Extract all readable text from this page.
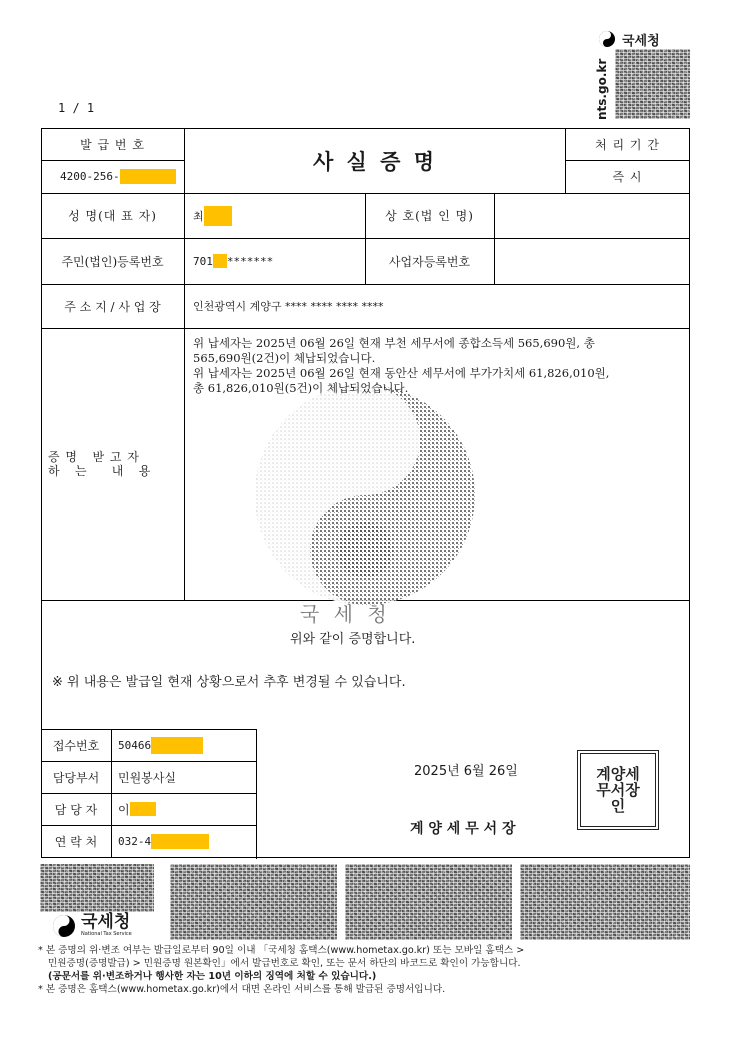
국세청
nts.go.kr
1 / 1
발 급 번 호
4200-256-
사 실 증 명
처 리 기 간
즉 시
성 명(대 표 자)	최	상 호(법 인 명)
주민(법인)등록번호	701 *******	사업자등록번호
주 소 지 / 사 업 장	인천광역시 계양구 **** **** **** ****
증 명   받 고 자
하   는     내   용
위 납세자는 2025년 06월 26일 현재 부천 세무서에 종합소득세 565,690원, 총
565,690원(2건)이 체납되었습니다.
위 납세자는 2025년 06월 26일 현재 동안산 세무서에 부가가치세 61,826,010원,
총 61,826,010원(5건)이 체납되었습니다.
국 세 청
위와 같이 증명합니다.
※ 위 내용은 발급일 현재 상황으로서 추후 변경될 수 있습니다.
접수번호	50466
담당부서	민원봉사실
담 당 자	이
연 락 처	032-4
2025년 6월 26일
계 양 세 무 서 장
계양세무서장인
국세청
National Tax Service
* 본 증명의 위·변조 여부는 발급일로부터 90일 이내 「국세청 홈택스(www.hometax.go.kr) 또는 모바일 홈택스 >
민원증명(증명발급) > 민원증명 원본확인」에서 발급번호로 확인, 또는 문서 하단의 바코드로 확인이 가능합니다.
(공문서를 위·변조하거나 행사한 자는 10년 이하의 징역에 처할 수 있습니다.)
* 본 증명은 홈택스(www.hometax.go.kr)에서 대면 온라인 서비스를 통해 발급된 증명서입니다.
